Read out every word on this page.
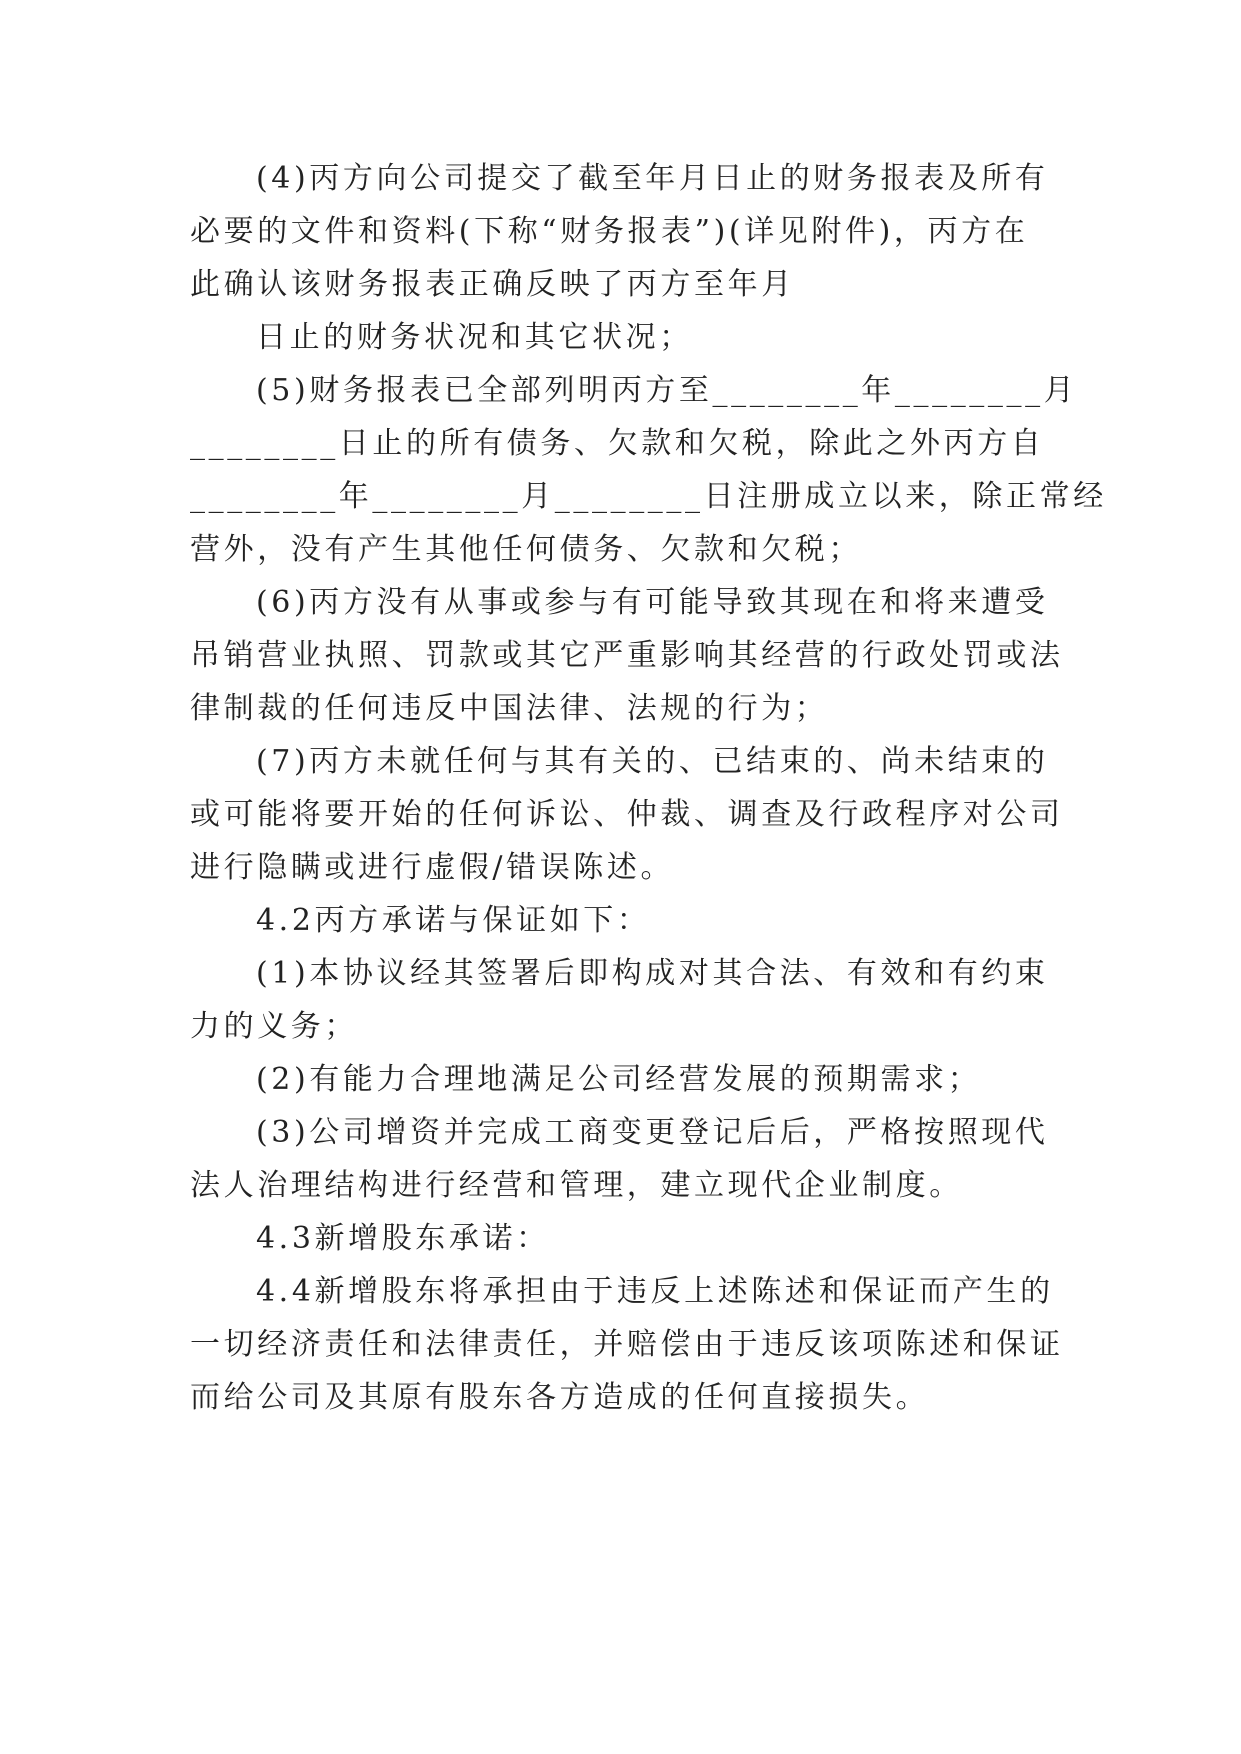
(4)丙方向公司提交了截至年月日止的财务报表及所有
必要的文件和资料(下称“财务报表”)(详见附件)，丙方在
此确认该财务报表正确反映了丙方至年月
日止的财务状况和其它状况；
(5)财务报表已全部列明丙方至________年________月
________日止的所有债务、欠款和欠税，除此之外丙方自
________年________月________日注册成立以来，除正常经
营外，没有产生其他任何债务、欠款和欠税；
(6)丙方没有从事或参与有可能导致其现在和将来遭受
吊销营业执照、罚款或其它严重影响其经营的行政处罚或法
律制裁的任何违反中国法律、法规的行为；
(7)丙方未就任何与其有关的、已结束的、尚未结束的
或可能将要开始的任何诉讼、仲裁、调查及行政程序对公司
进行隐瞒或进行虚假/错误陈述。
4.2丙方承诺与保证如下：
(1)本协议经其签署后即构成对其合法、有效和有约束
力的义务；
(2)有能力合理地满足公司经营发展的预期需求；
(3)公司增资并完成工商变更登记后后，严格按照现代
法人治理结构进行经营和管理，建立现代企业制度。
4.3新增股东承诺：
4.4新增股东将承担由于违反上述陈述和保证而产生的
一切经济责任和法律责任，并赔偿由于违反该项陈述和保证
而给公司及其原有股东各方造成的任何直接损失。
